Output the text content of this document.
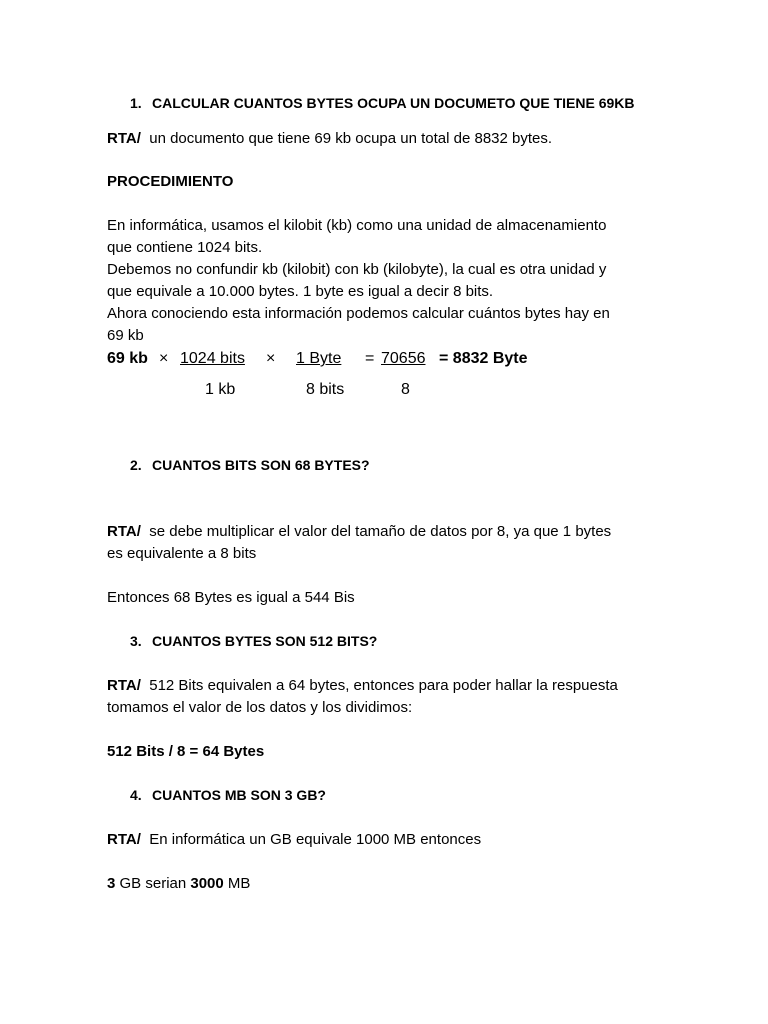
1. CALCULAR CUANTOS BYTES OCUPA UN DOCUMETO QUE TIENE 69KB
RTA/ un documento que tiene 69 kb ocupa un total de 8832 bytes.
PROCEDIMIENTO
En informática, usamos el kilobit (kb) como una unidad de almacenamiento
que contiene 1024 bits.
Debemos no confundir kb (kilobit) con kb (kilobyte), la cual es otra unidad y
que equivale a 10.000 bytes. 1 byte es igual a decir 8 bits.
Ahora conociendo esta información podemos calcular cuántos bytes hay en
69 kb
69 kb × 1024 bits × 1 Byte	= 70656 = 8832 Byte
1 kb	8 bits	8
2. CUANTOS BITS SON 68 BYTES?
RTA/ se debe multiplicar el valor del tamaño de datos por 8, ya que 1 bytes
es equivalente a 8 bits
Entonces 68 Bytes es igual a 544 Bis
3. CUANTOS BYTES SON 512 BITS?
RTA/ 512 Bits equivalen a 64 bytes, entonces para poder hallar la respuesta
tomamos el valor de los datos y los dividimos:
512 Bits / 8 = 64 Bytes
4. CUANTOS MB SON 3 GB?
RTA/ En informática un GB equivale 1000 MB entonces
3 GB serian 3000 MB
